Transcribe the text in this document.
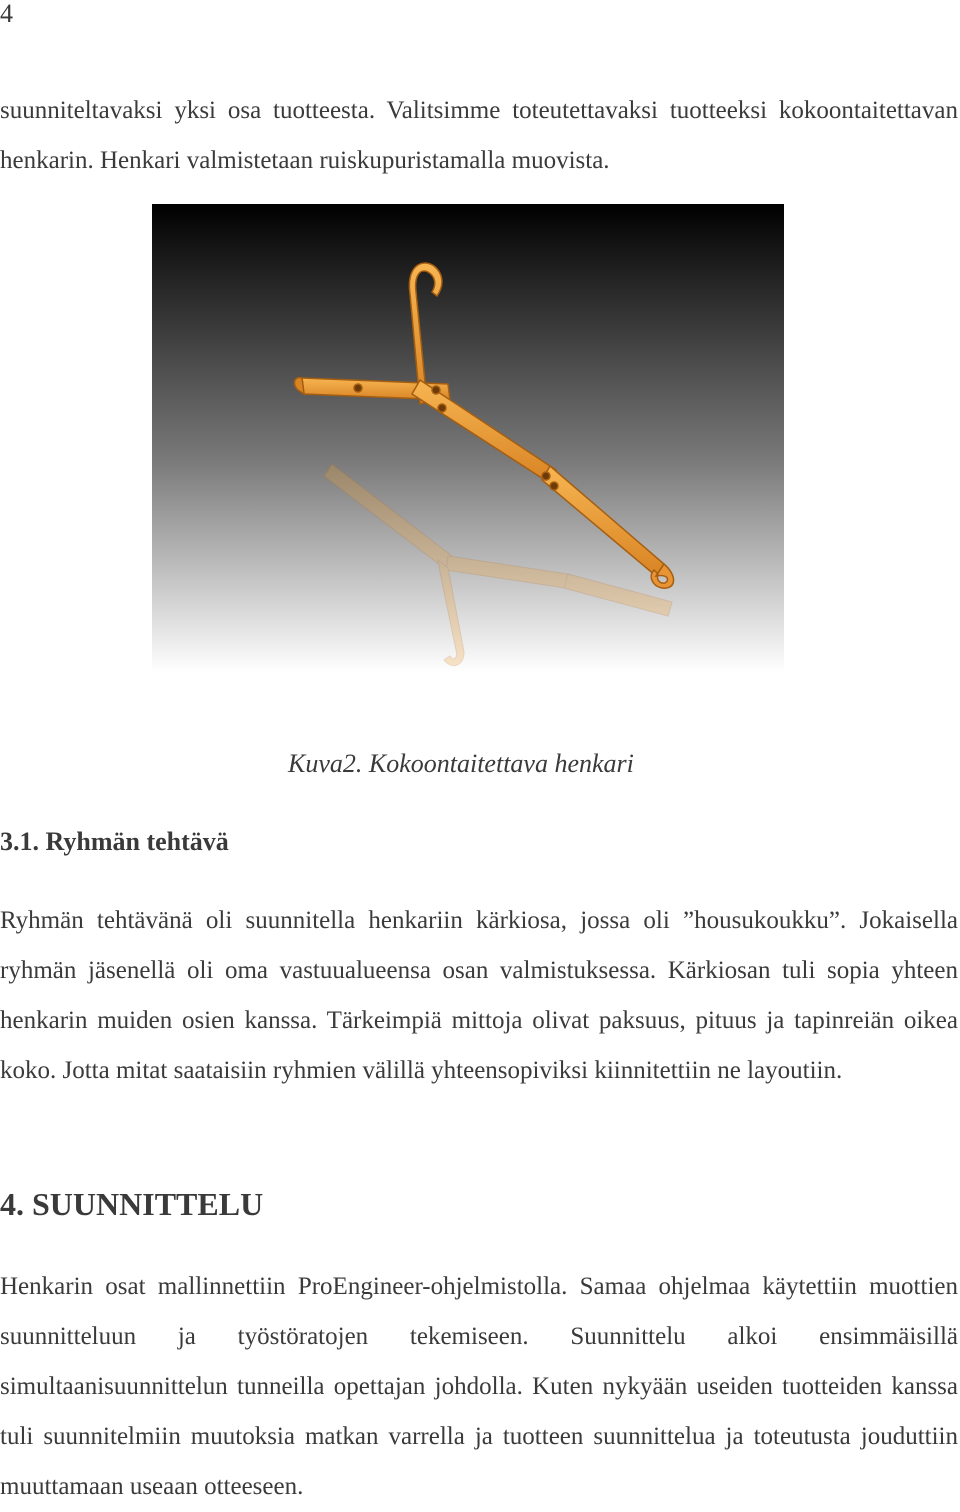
4

suunniteltavaksi yksi osa tuotteesta. Valitsimme toteutettavaksi tuotteeksi kokoontaitettavan henkarin. Henkari valmistetaan ruiskupuristamalla muovista.

Kuva2. Kokoontaitettava henkari
3.1. Ryhmän tehtävä

Ryhmän tehtävänä oli suunnitella henkariin kärkiosa, jossa oli ”housukoukku”. Jokaisella ryhmän jäsenellä oli oma vastuualueensa osan valmistuksessa. Kärkiosan tuli sopia yhteen henkarin muiden osien kanssa. Tärkeimpiä mittoja olivat paksuus, pituus ja tapinreiän oikea koko. Jotta mitat saataisiin ryhmien välillä yhteensopiviksi kiinnitettiin ne layoutiin.

4. SUUNNITTELU

Henkarin osat mallinnettiin ProEngineer-ohjelmistolla. Samaa ohjelmaa käytettiin muottien suunnitteluun ja työstöratojen tekemiseen. Suunnittelu alkoi ensimmäisillä simultaanisuunnittelun tunneilla opettajan johdolla. Kuten nykyään useiden tuotteiden kanssa tuli suunnitelmiin muutoksia matkan varrella ja tuotteen suunnittelua ja toteutusta jouduttiin muuttamaan useaan otteeseen.
